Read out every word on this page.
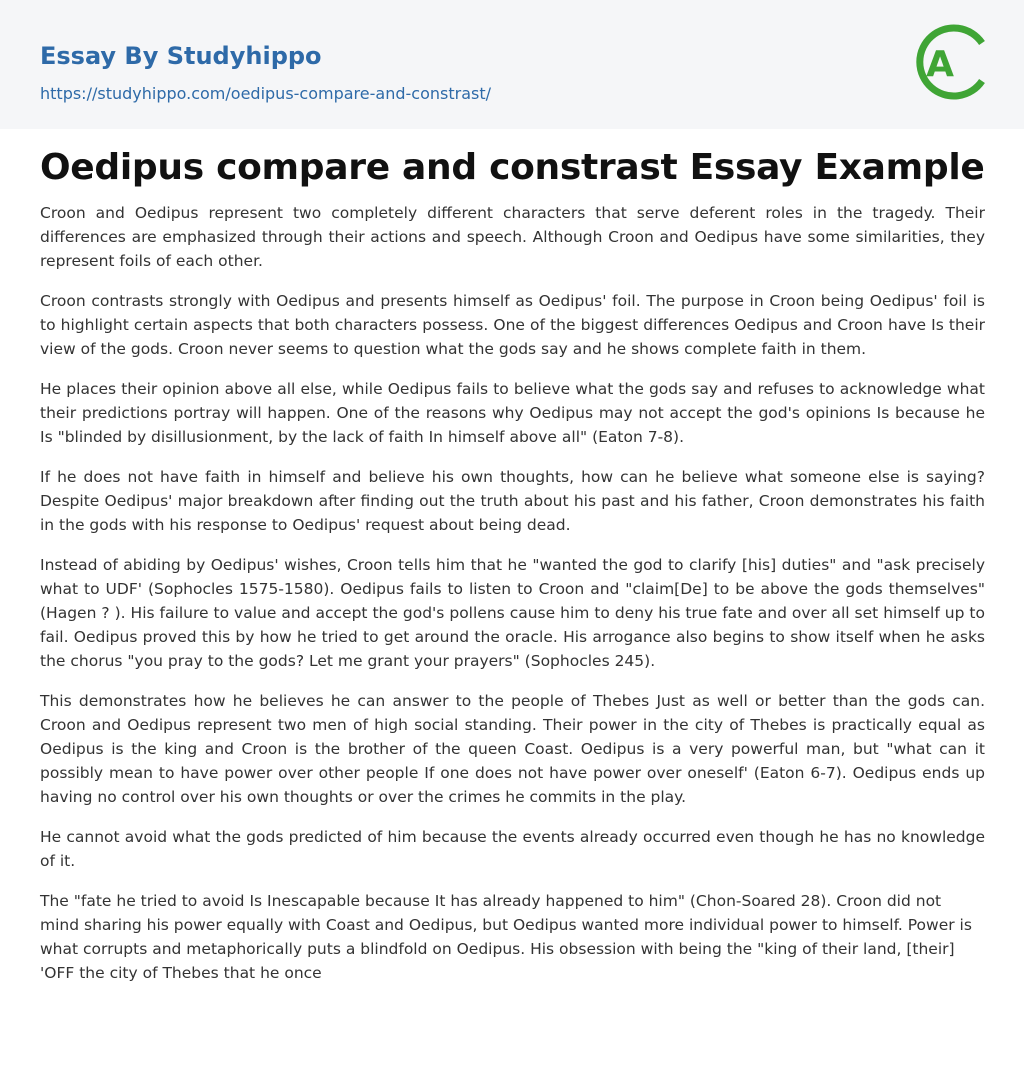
Essay By Studyhippo
https://studyhippo.com/oedipus-compare-and-constrast/
A
Oedipus compare and constrast Essay Example

Croon and Oedipus represent two completely different characters that serve deferent roles in the tragedy. Their differences are emphasized through their actions and speech. Although Croon and Oedipus have some similarities, they represent foils of each other.

Croon contrasts strongly with Oedipus and presents himself as Oedipus' foil. The purpose in Croon being Oedipus' foil is to highlight certain aspects that both characters possess. One of the biggest differences Oedipus and Croon have Is their view of the gods. Croon never seems to question what the gods say and he shows complete faith in them.

He places their opinion above all else, while Oedipus fails to believe what the gods say and refuses to acknowledge what their predictions portray will happen. One of the reasons why Oedipus may not accept the god's opinions Is because he Is "blinded by disillusionment, by the lack of faith In himself above all" (Eaton 7-8).

If he does not have faith in himself and believe his own thoughts, how can he believe what someone else is saying? Despite Oedipus' major breakdown after finding out the truth about his past and his father, Croon demonstrates his faith in the gods with his response to Oedipus' request about being dead.

Instead of abiding by Oedipus' wishes, Croon tells him that he "wanted the god to clarify [his] duties" and "ask precisely what to UDF' (Sophocles 1575-1580). Oedipus fails to listen to Croon and "claim[De] to be above the gods themselves" (Hagen ? ). His failure to value and accept the god's pollens cause him to deny his true fate and over all set himself up to fail. Oedipus proved this by how he tried to get around the oracle. His arrogance also begins to show itself when he asks the chorus "you pray to the gods? Let me grant your prayers" (Sophocles 245).

This demonstrates how he believes he can answer to the people of Thebes Just as well or better than the gods can. Croon and Oedipus represent two men of high social standing. Their power in the city of Thebes is practically equal as Oedipus is the king and Croon is the brother of the queen Coast. Oedipus is a very powerful man, but "what can it possibly mean to have power over other people If one does not have power over oneself' (Eaton 6-7). Oedipus ends up having no control over his own thoughts or over the crimes he commits in the play.

He cannot avoid what the gods predicted of him because the events already occurred even though he has no knowledge of it.

The "fate he tried to avoid Is Inescapable because It has already happened to him" (Chon-Soared 28). Croon did not mind sharing his power equally with Coast and Oedipus, but Oedipus wanted more individual power to himself. Power is what corrupts and metaphorically puts a blindfold on Oedipus. His obsession with being the "king of their land, [their] 'OFF the city of Thebes that he once
